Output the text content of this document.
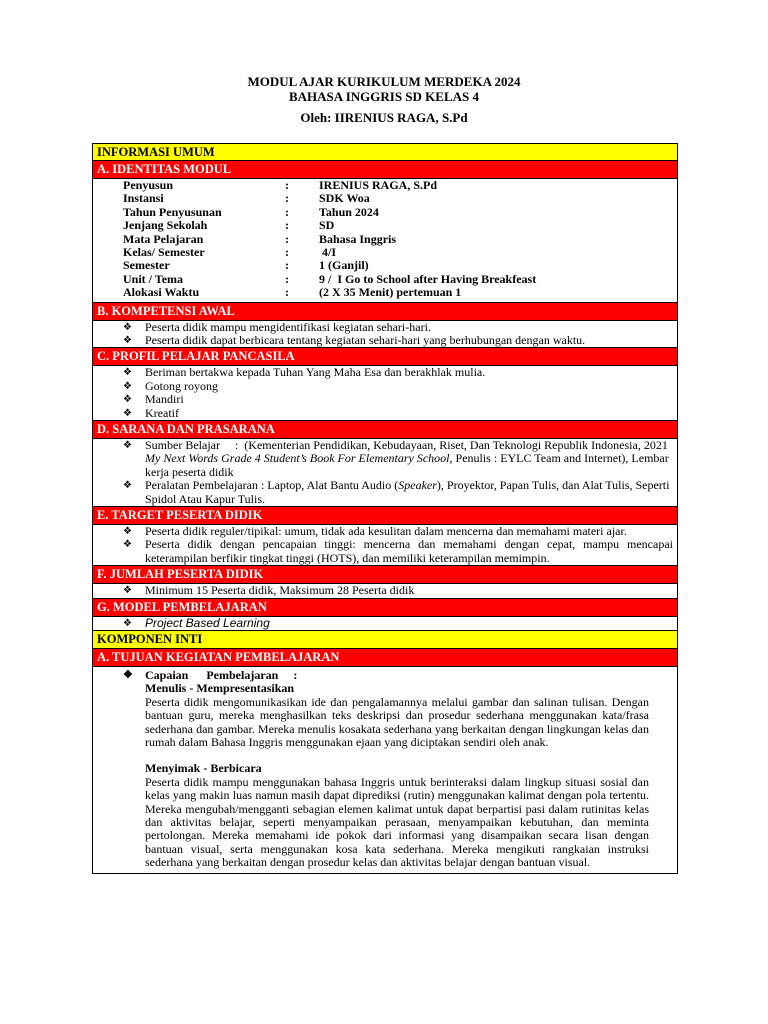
MODUL AJAR KURIKULUM MERDEKA 2024
BAHASA INGGRIS SD KELAS 4
Oleh: IIRENIUS RAGA, S.Pd
INFORMASI UMUM
A. IDENTITAS MODUL
Penyusun	:	IRENIUS RAGA, S.Pd
Instansi	:	SDK Woa
Tahun Penyusunan	:	Tahun 2024
Jenjang Sekolah	:	SD
Mata Pelajaran	:	Bahasa Inggris
Kelas/ Semester	:	4/I
Semester	:	1 (Ganjil)
Unit / Tema	:	9 /  I Go to School after Having Breakfeast
Alokasi Waktu	:	(2 X 35 Menit) pertemuan 1
B. KOMPETENSI AWAL
❖ Peserta didik mampu mengidentifikasi kegiatan sehari-hari.
❖ Peserta didik dapat berbicara tentang kegiatan sehari-hari yang berhubungan dengan waktu.
C. PROFIL PELAJAR PANCASILA
❖ Beriman bertakwa kepada Tuhan Yang Maha Esa dan berakhlak mulia.
❖ Gotong royong
❖ Mandiri
❖ Kreatif
D. SARANA DAN PRASARANA
❖ Sumber Belajar     :  (Kementerian Pendidikan, Kebudayaan, Riset, Dan Teknologi Republik Indonesia, 2021 My Next Words Grade 4 Student’s Book For Elementary School, Penulis : EYLC Team and Internet), Lembar kerja peserta didik
❖ Peralatan Pembelajaran : Laptop, Alat Bantu Audio (Speaker), Proyektor, Papan Tulis, dan Alat Tulis, Seperti Spidol Atau Kapur Tulis.
E. TARGET PESERTA DIDIK
❖ Peserta didik reguler/tipikal: umum, tidak ada kesulitan dalam mencerna dan memahami materi ajar.
❖ Peserta didik dengan pencapaian tinggi: mencerna dan memahami dengan cepat, mampu mencapai keterampilan berfikir tingkat tinggi (HOTS), dan memiliki keterampilan memimpin.
F. JUMLAH PESERTA DIDIK
❖ Minimum 15 Peserta didik, Maksimum 28 Peserta didik
G. MODEL PEMBELAJARAN
❖ Project Based Learning
KOMPONEN INTI
A. TUJUAN KEGIATAN PEMBELAJARAN
❖ Capaian      Pembelajaran     :
Menulis - Mempresentasikan
Peserta didik mengomunikasikan ide dan pengalamannya melalui gambar dan salinan tulisan. Dengan bantuan guru, mereka menghasilkan teks deskripsi dan prosedur sederhana menggunakan kata/frasa sederhana dan gambar. Mereka menulis kosakata sederhana yang berkaitan dengan lingkungan kelas dan rumah dalam Bahasa Inggris menggunakan ejaan yang diciptakan sendiri oleh anak.
Menyimak - Berbicara
Peserta didik mampu menggunakan bahasa Inggris untuk berinteraksi dalam lingkup situasi sosial dan kelas yang makin luas namun masih dapat diprediksi (rutin) menggunakan kalimat dengan pola tertentu. Mereka mengubah/mengganti sebagian elemen kalimat untuk dapat berpartisi pasi dalam rutinitas kelas dan aktivitas belajar, seperti menyampaikan perasaan, menyampaikan kebutuhan, dan meminta pertolongan. Mereka memahami ide pokok dari informasi yang disampaikan secara lisan dengan bantuan visual, serta menggunakan kosa kata sederhana. Mereka mengikuti rangkaian instruksi sederhana yang berkaitan dengan prosedur kelas dan aktivitas belajar dengan bantuan visual.
